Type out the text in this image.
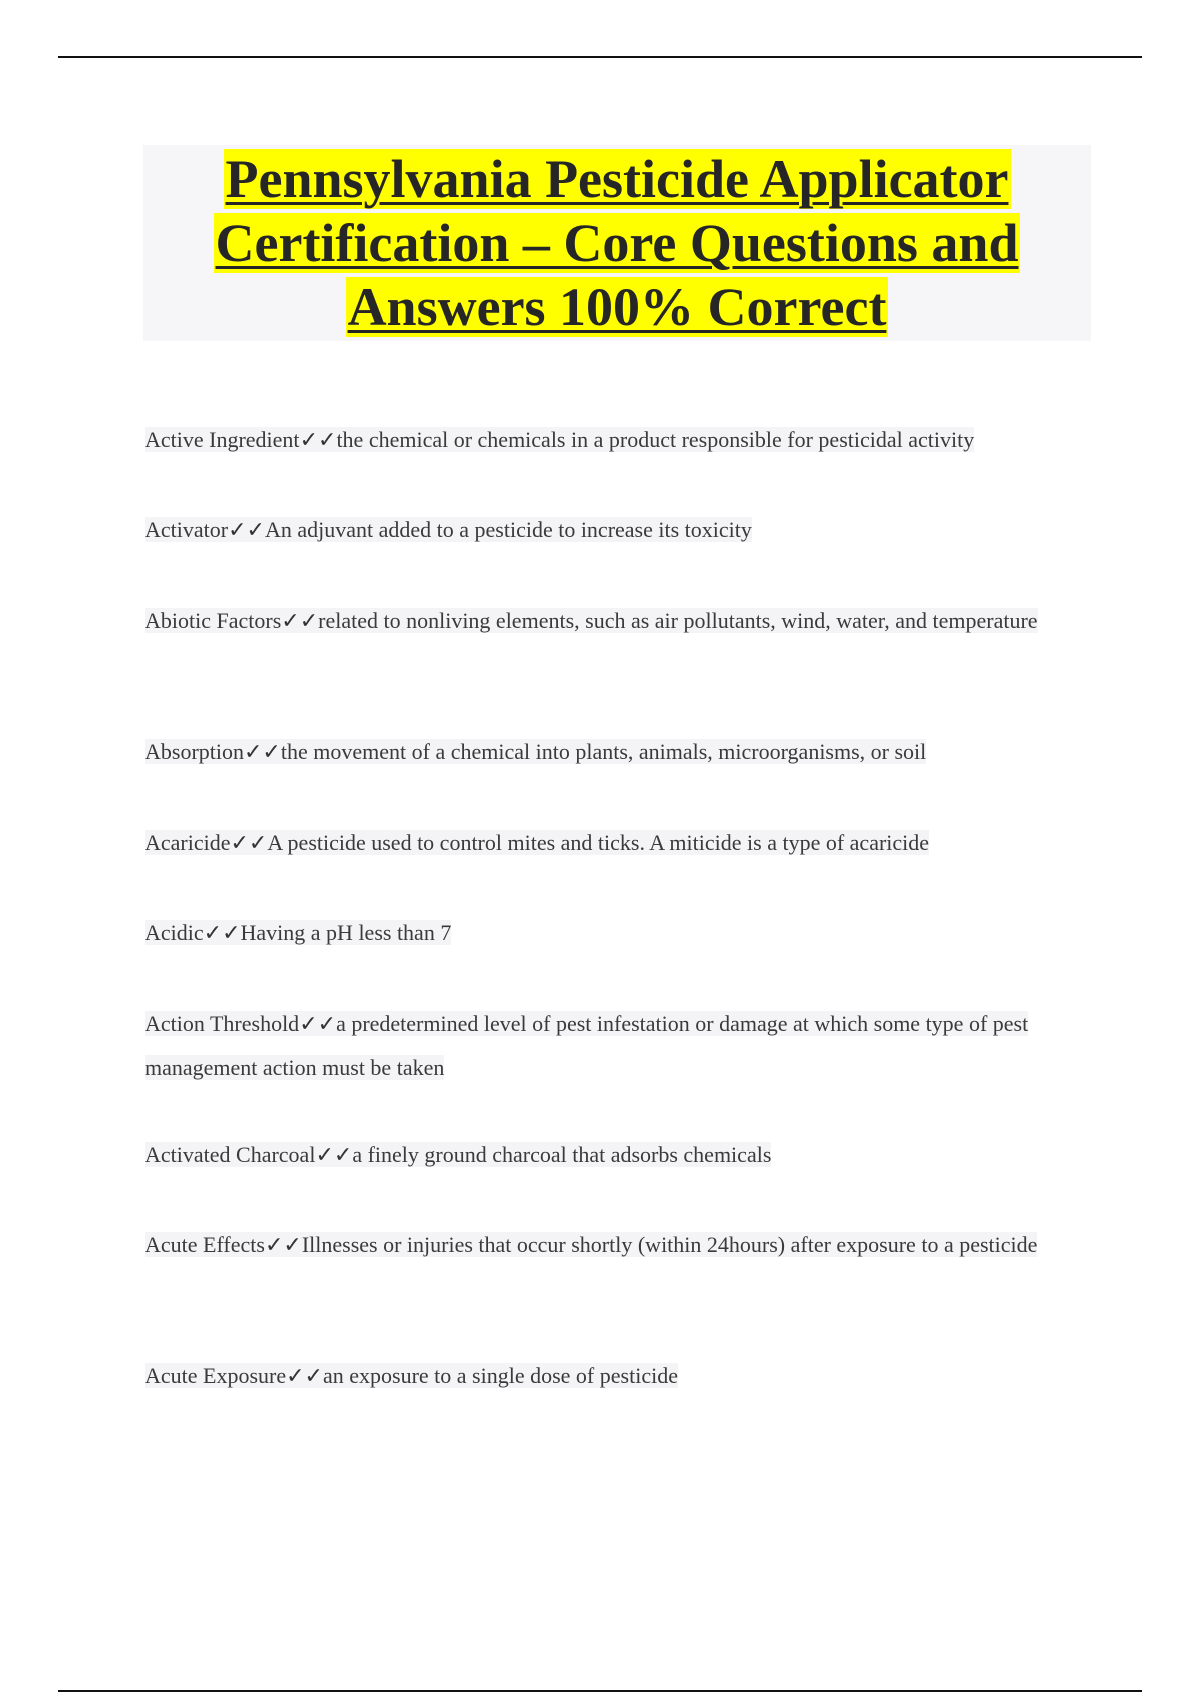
Pennsylvania Pesticide Applicator
Certification – Core Questions and
Answers 100% Correct
Active Ingredient✓✓the chemical or chemicals in a product responsible for pesticidal activity
Activator✓✓An adjuvant added to a pesticide to increase its toxicity
Abiotic Factors✓✓related to nonliving elements, such as air pollutants, wind, water, and temperature
Absorption✓✓the movement of a chemical into plants, animals, microorganisms, or soil
Acaricide✓✓A pesticide used to control mites and ticks. A miticide is a type of acaricide
Acidic✓✓Having a pH less than 7
Action Threshold✓✓a predetermined level of pest infestation or damage at which some type of pest management action must be taken
Activated Charcoal✓✓a finely ground charcoal that adsorbs chemicals
Acute Effects✓✓Illnesses or injuries that occur shortly (within 24hours) after exposure to a pesticide
Acute Exposure✓✓an exposure to a single dose of pesticide
